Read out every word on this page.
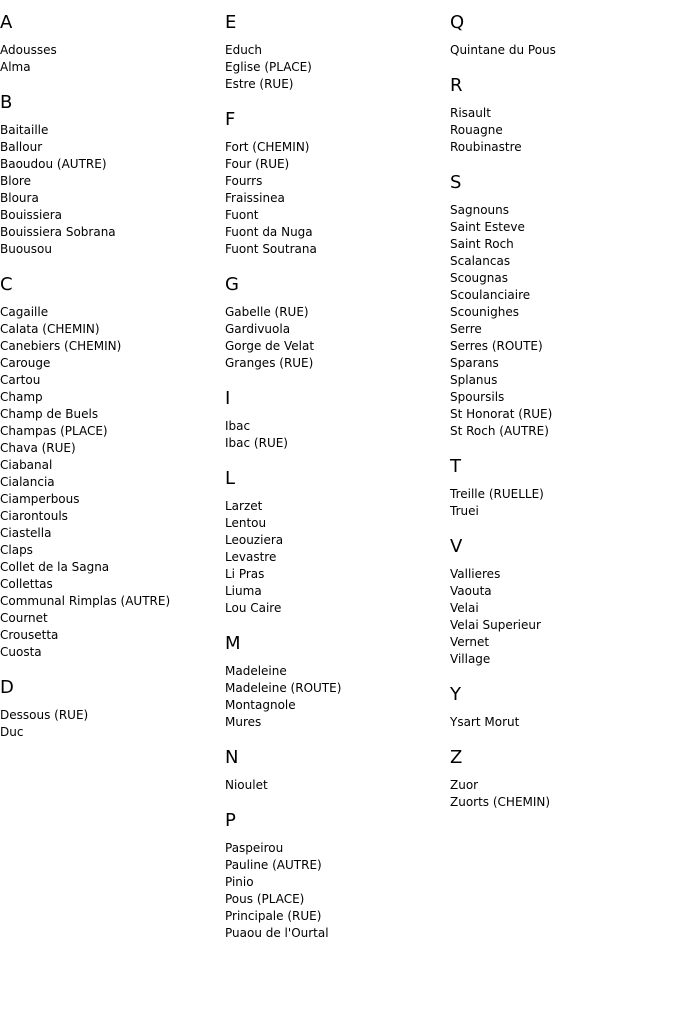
A
Adousses
Alma
B
Baitaille
Ballour
Baoudou (AUTRE)
Blore
Bloura
Bouissiera
Bouissiera Sobrana
Buousou
C
Cagaille
Calata (CHEMIN)
Canebiers (CHEMIN)
Carouge
Cartou
Champ
Champ de Buels
Champas (PLACE)
Chava (RUE)
Ciabanal
Cialancia
Ciamperbous
Ciarontouls
Ciastella
Claps
Collet de la Sagna
Collettas
Communal Rimplas (AUTRE)
Cournet
Crousetta
Cuosta
D
Dessous (RUE)
Duc
E
Educh
Eglise (PLACE)
Estre (RUE)
F
Fort (CHEMIN)
Four (RUE)
Fourrs
Fraissinea
Fuont
Fuont da Nuga
Fuont Soutrana
G
Gabelle (RUE)
Gardivuola
Gorge de Velat
Granges (RUE)
I
Ibac
Ibac (RUE)
L
Larzet
Lentou
Leouziera
Levastre
Li Pras
Liuma
Lou Caire
M
Madeleine
Madeleine (ROUTE)
Montagnole
Mures
N
Nioulet
P
Paspeirou
Pauline (AUTRE)
Pinio
Pous (PLACE)
Principale (RUE)
Puaou de l'Ourtal
Q
Quintane du Pous
R
Risault
Rouagne
Roubinastre
S
Sagnouns
Saint Esteve
Saint Roch
Scalancas
Scougnas
Scoulanciaire
Scounighes
Serre
Serres (ROUTE)
Sparans
Splanus
Spoursils
St Honorat (RUE)
St Roch (AUTRE)
T
Treille (RUELLE)
Truei
V
Vallieres
Vaouta
Velai
Velai Superieur
Vernet
Village
Y
Ysart Morut
Z
Zuor
Zuorts (CHEMIN)
